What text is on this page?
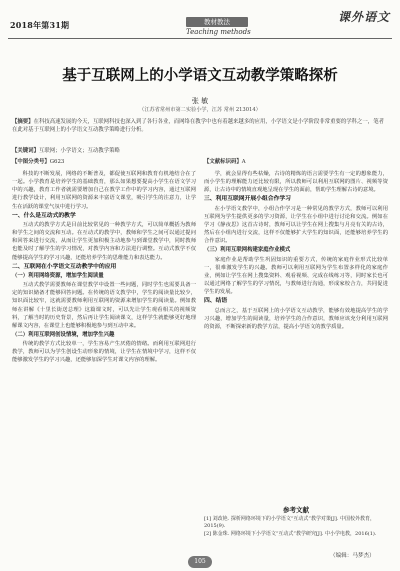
2018年第31期	教材教法
Teaching methods
课外语文
基于互联网上的小学语文互动教学策略探析
张 敏
（江苏省常州市第二实验小学，江苏 常州 213014）
【摘要】在科技高速发展的今天，互联网科技也深入到了各行各业，而网络在教学中也有着越来越多的应用，小学语文是小学阶段非常重要的学科之一，笔者在此对基于互联网上的小学语文互动教学策略进行分析。
【关键词】互联网；小学语文；互动教学策略
【中图分类号】G623	【文献标识码】A

科技的不断发展，网络的不断普及，都促使互联网和教育有机地结合在了一起。小学教育是培养学生的基础教育，那么如果想要提高小学生在语文学习中的兴趣，教育工作者就需要增加自己在教学工作中的学习内容，通过互联网进行教学设计，利用互联网的资源来丰富语文课堂，吸引学生的注意力，让学生在活跃的课堂气氛中进行学习。

一、什么是互动式的教学

互动式的教学方式是目前比较常见的一种教学方式，可以简单概括为教师和学生之间的交流和互动。在互动式的教学中，教师和学生之间可以通过提问和回答来进行交流，从而让学生更加积极主动地参与到课堂教学中，同时教师也能及时了解学生的学习情况，对教学内容和方法进行调整。互动式教学不仅能够提高学生的学习兴趣，还能培养学生的思维能力和表达能力。

二、互联网在小学语文互动教学中的应用
（一）利用网络资源，增加学生阅读量

互动式教学需要教师在课堂教学中设置一些问题，同时学生也需要具备一定的知识储备才能够回答问题。在传统的语文教学中，学生的阅读量比较少，知识面比较窄，这就需要教师利用互联网的资源来增加学生的阅读量。例如教师在讲解《十里长街送总理》这篇课文时，可以先让学生观看相关的视频资料，了解当时的历史背景，然后再让学生阅读课文，这样学生就能够更好地理解课文内容，在课堂上也能够积极地参与到互动中来。

（二）利用互联网创设情境，增加学生兴趣

传统的教学方式比较单一，学生容易产生厌倦的情绪。而利用互联网进行教学，教师可以为学生创设生动形象的情境，让学生在情境中学习，这样不仅能够激发学生的学习兴趣，还能够加深学生对课文内容的理解。

学，就会显得有些枯燥，古诗的精炼的语言需要学生有一定的想象能力，而小学生的理解能力还比较有限，所以教师可以利用互联网的图片、视频等资源，让古诗中的情境直观地呈现在学生的面前，帮助学生理解古诗的意境。

三、利用互联网开展小组合作学习

在小学语文教学中，小组合作学习是一种常见的教学方式，教师可以利用互联网为学生提供更多的学习资源，让学生在小组中进行讨论和交流。例如在学习《静夜思》这首古诗时，教师可以让学生在网上搜集与月亮有关的古诗，然后在小组内进行交流，这样不仅能够扩大学生的知识面，还能够培养学生的合作意识。

（三）利用互联网构建家庭作业模式

家庭作业是帮助学生巩固知识的重要方式，传统的家庭作业形式比较单一，很难激发学生的兴趣。教师可以利用互联网为学生布置多样化的家庭作业，例如让学生在网上搜集资料、观看视频、完成在线练习等，同时家长也可以通过网络了解学生的学习情况，与教师进行沟通，形成家校合力，共同促进学生的发展。

四、结语

总而言之，基于互联网上的小学语文互动教学，能够有效地提高学生的学习兴趣，增加学生的阅读量，培养学生的合作意识，教师应该充分利用互联网的资源，不断探索新的教学方法，提高小学语文的教学质量。

参考文献
[1] 刘改艳. 探析网络环境下的小学语文“互动式”教学对策[J]. 中国校外教育，2015(9).
[2] 陈金珠. 网络环境下小学语文“互动式”教学研究[J]. 中小学电教，2016(1).
（编辑：马梦杰）
105
